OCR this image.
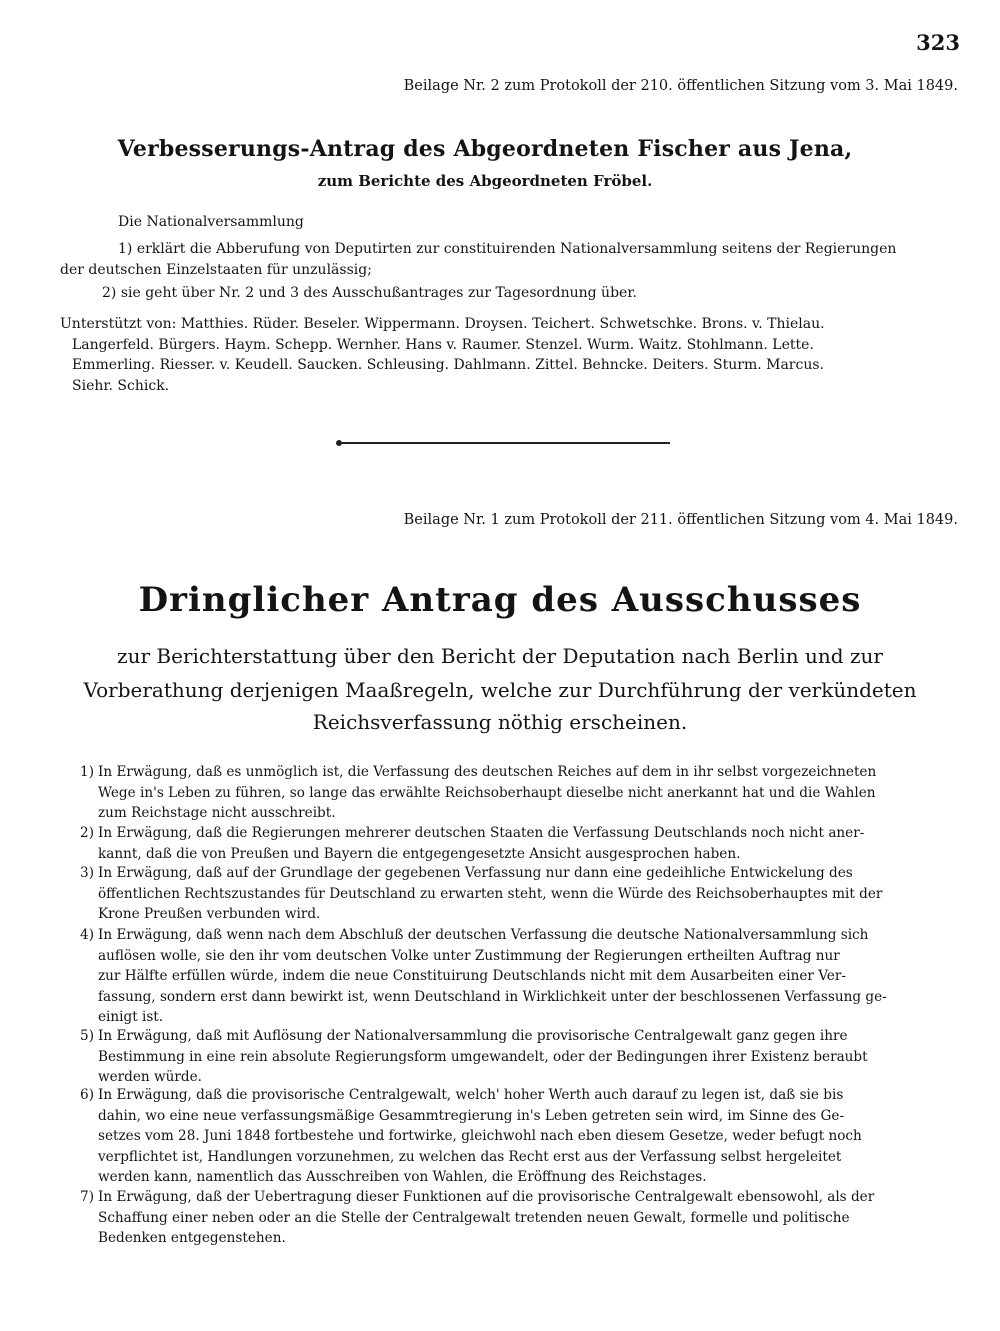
323
Beilage Nr. 2 zum Protokoll der 210. öffentlichen Sitzung vom 3. Mai 1849.
Verbesserungs-Antrag des Abgeordneten Fischer aus Jena,
zum Berichte des Abgeordneten Fröbel.
Die Nationalversammlung
1) erklärt die Abberufung von Deputirten zur constituirenden Nationalversammlung seitens der Regierungen
der deutschen Einzelstaaten für unzulässig;
2) sie geht über Nr. 2 und 3 des Ausschußantrages zur Tagesordnung über.
Unterstützt von: Matthies. Rüder. Beseler. Wippermann. Droysen. Teichert. Schwetschke. Brons. v. Thielau.
Langerfeld. Bürgers. Haym. Schepp. Wernher. Hans v. Raumer. Stenzel. Wurm. Waitz. Stohlmann. Lette.
Emmerling. Riesser. v. Keudell. Saucken. Schleusing. Dahlmann. Zittel. Behncke. Deiters. Sturm. Marcus.
Siehr. Schick.
Beilage Nr. 1 zum Protokoll der 211. öffentlichen Sitzung vom 4. Mai 1849.
Dringlicher Antrag des Ausschusses
zur Berichterstattung über den Bericht der Deputation nach Berlin und zur
Vorberathung derjenigen Maaßregeln, welche zur Durchführung der verkündeten
Reichsverfassung nöthig erscheinen.
1) In Erwägung, daß es unmöglich ist, die Verfassung des deutschen Reiches auf dem in ihr selbst vorgezeichneten
Wege in's Leben zu führen, so lange das erwählte Reichsoberhaupt dieselbe nicht anerkannt hat und die Wahlen
zum Reichstage nicht ausschreibt.
2) In Erwägung, daß die Regierungen mehrerer deutschen Staaten die Verfassung Deutschlands noch nicht aner-
kannt, daß die von Preußen und Bayern die entgegengesetzte Ansicht ausgesprochen haben.
3) In Erwägung, daß auf der Grundlage der gegebenen Verfassung nur dann eine gedeihliche Entwickelung des
öffentlichen Rechtszustandes für Deutschland zu erwarten steht, wenn die Würde des Reichsoberhauptes mit der
Krone Preußen verbunden wird.
4) In Erwägung, daß wenn nach dem Abschluß der deutschen Verfassung die deutsche Nationalversammlung sich
auflösen wolle, sie den ihr vom deutschen Volke unter Zustimmung der Regierungen ertheilten Auftrag nur
zur Hälfte erfüllen würde, indem die neue Constituirung Deutschlands nicht mit dem Ausarbeiten einer Ver-
fassung, sondern erst dann bewirkt ist, wenn Deutschland in Wirklichkeit unter der beschlossenen Verfassung ge-
einigt ist.
5) In Erwägung, daß mit Auflösung der Nationalversammlung die provisorische Centralgewalt ganz gegen ihre
Bestimmung in eine rein absolute Regierungsform umgewandelt, oder der Bedingungen ihrer Existenz beraubt
werden würde.
6) In Erwägung, daß die provisorische Centralgewalt, welch' hoher Werth auch darauf zu legen ist, daß sie bis
dahin, wo eine neue verfassungsmäßige Gesammtregierung in's Leben getreten sein wird, im Sinne des Ge-
setzes vom 28. Juni 1848 fortbestehe und fortwirke, gleichwohl nach eben diesem Gesetze, weder befugt noch
verpflichtet ist, Handlungen vorzunehmen, zu welchen das Recht erst aus der Verfassung selbst hergeleitet
werden kann, namentlich das Ausschreiben von Wahlen, die Eröffnung des Reichstages.
7) In Erwägung, daß der Uebertragung dieser Funktionen auf die provisorische Centralgewalt ebensowohl, als der
Schaffung einer neben oder an die Stelle der Centralgewalt tretenden neuen Gewalt, formelle und politische
Bedenken entgegenstehen.
